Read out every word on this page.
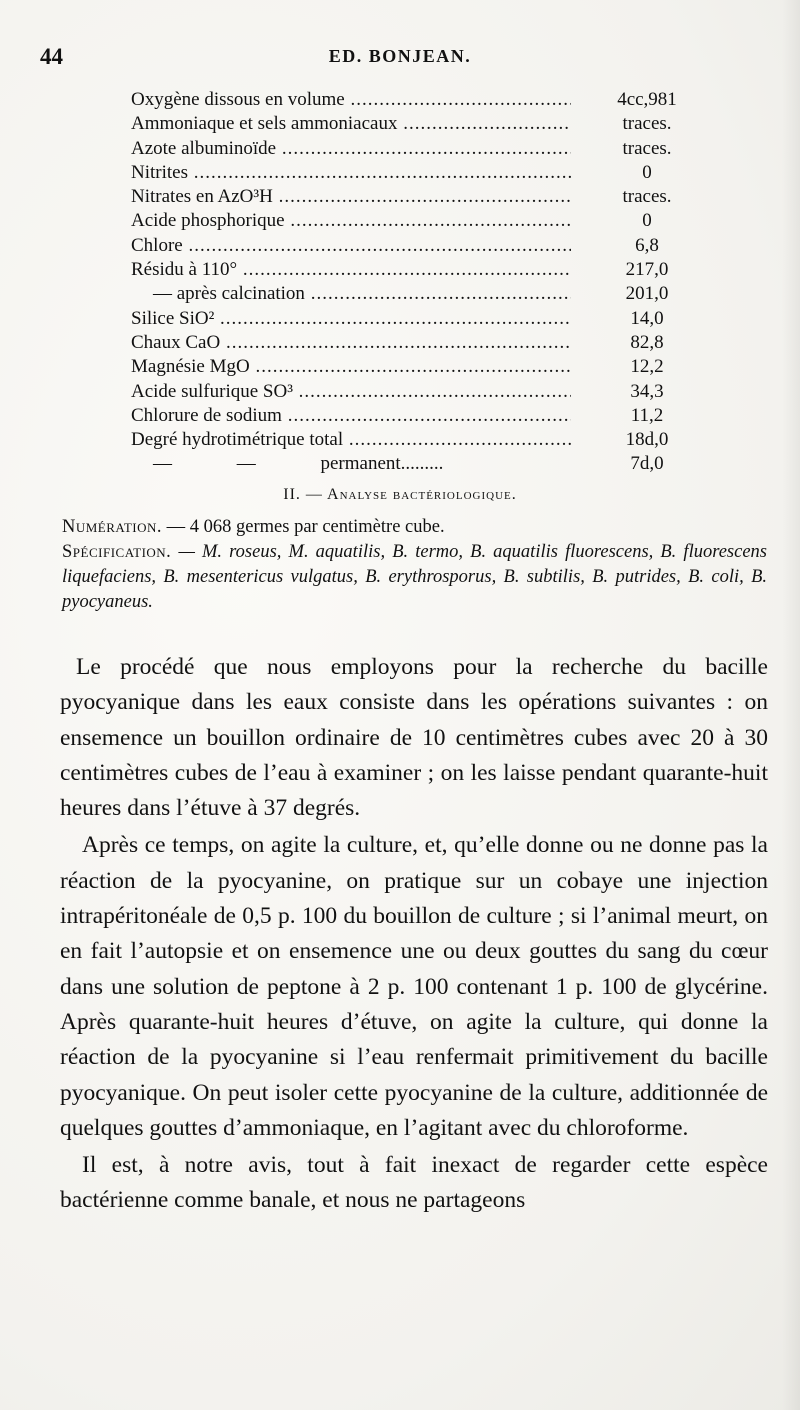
44	ED. BONJEAN.
Oxygène dissous en volume .....	4cc,981
Ammoniaque et sels ammoniacaux .....	traces.
Azote albuminoïde .....	traces.
Nitrites .....	0
Nitrates en AzO³H .....	traces.
Acide phosphorique .....	0
Chlore .....	6,8
Résidu à 110° .....	217,0
— après calcination .....	201,0
Silice SiO² .....	14,0
Chaux CaO .....	82,8
Magnésie MgO .....	12,2
Acide sulfurique SO³ .....	34,3
Chlorure de sodium .....	11,2
Degré hydrotimétrique total .....	18d,0
— — permanent.........	7d,0
II. — Analyse bactériologique.

Numération. — 4 068 germes par centimètre cube.

Spécification. — M. roseus, M. aquatilis, B. termo, B. aquatilis fluorescens, B. fluorescens liquefaciens, B. mesentericus vulgatus, B. erythrosporus, B. subtilis, B. putrides, B. coli, B. pyocyaneus.

Le procédé que nous employons pour la recherche du bacille pyocyanique dans les eaux consiste dans les opérations suivantes : on ensemence un bouillon ordinaire de 10 centimètres cubes avec 20 à 30 centimètres cubes de l’eau à examiner ; on les laisse pendant quarante-huit heures dans l’étuve à 37 degrés.

Après ce temps, on agite la culture, et, qu’elle donne ou ne donne pas la réaction de la pyocyanine, on pratique sur un cobaye une injection intrapéritonéale de 0,5 p. 100 du bouillon de culture ; si l’animal meurt, on en fait l’autopsie et on ensemence une ou deux gouttes du sang du cœur dans une solution de peptone à 2 p. 100 contenant 1 p. 100 de glycérine. Après quarante-huit heures d’étuve, on agite la culture, qui donne la réaction de la pyocyanine si l’eau renfermait primitivement du bacille pyocyanique. On peut isoler cette pyocyanine de la culture, additionnée de quelques gouttes d’ammoniaque, en l’agitant avec du chloroforme.

Il est, à notre avis, tout à fait inexact de regarder cette espèce bactérienne comme banale, et nous ne partageons
